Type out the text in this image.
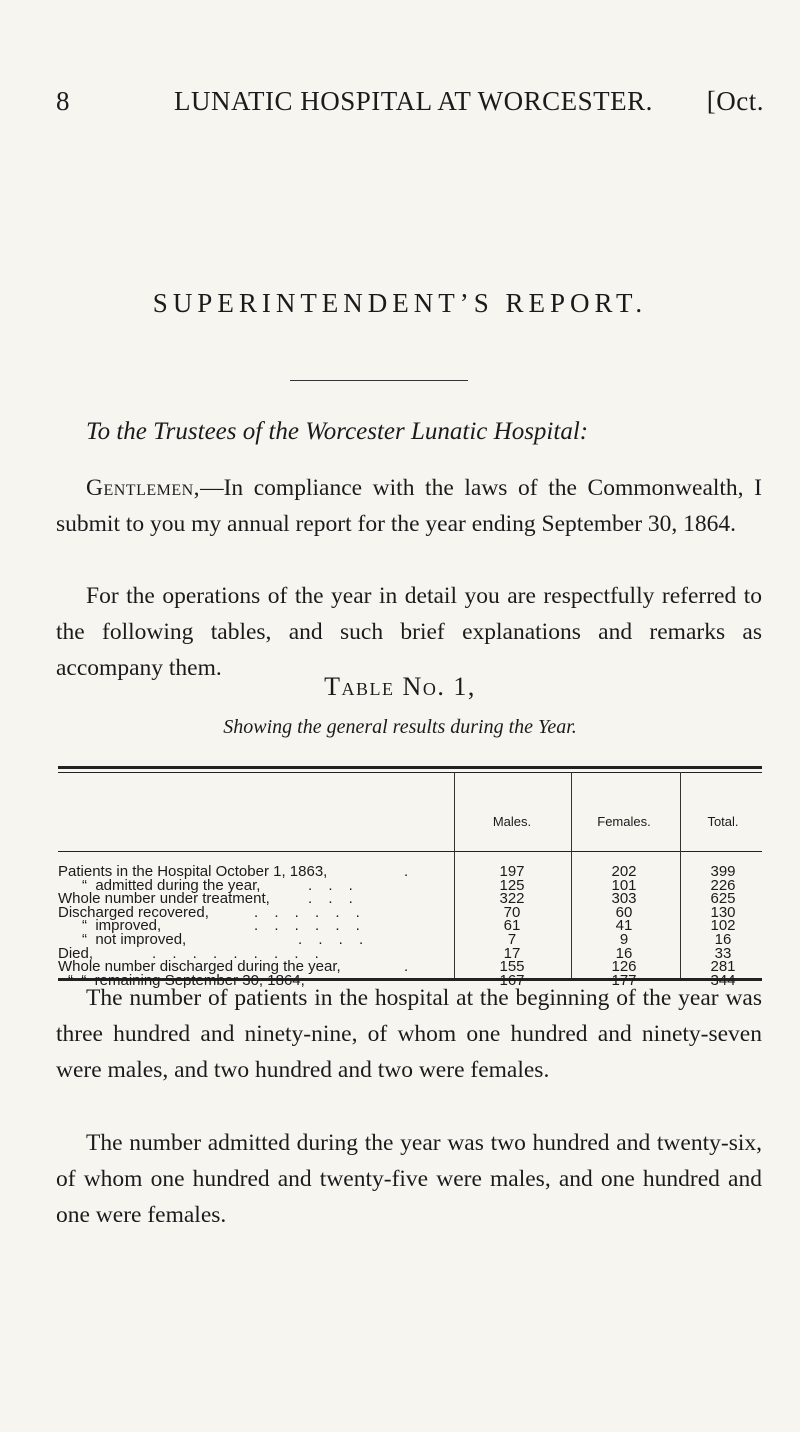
8	LUNATIC HOSPITAL AT WORCESTER. [Oct.
SUPERINTENDENT’S REPORT.
To the Trustees of the Worcester Lunatic Hospital:
Gentlemen,—In compliance with the laws of the Commonwealth, I submit to you my annual report for the year ending September 30, 1864.
For the operations of the year in detail you are respectfully referred to the following tables, and such brief explanations and remarks as accompany them.
Table No. 1,
Showing the general results during the Year.
Males.	Females.	Total.
Patients in the Hospital October 1, 1863,	.	197	202	399
“  admitted during the year,	. . .	125	101	226
Whole number under treatment,	. . .	322	303	625
Discharged recovered,	. . . . . .	70	60	130
“  improved,	. . . . . .	61	41	102
“  not improved,	. . . .	7	9	16
Died,	. . . . . . . . .	17	16	33
Whole number discharged during the year,	.	155	126	281
“  “  remaining September 30, 1864,	167	177	344
The number of patients in the hospital at the beginning of the year was three hundred and ninety-nine, of whom one hundred and ninety-seven were males, and two hundred and two were females.
The number admitted during the year was two hundred and twenty-six, of whom one hundred and twenty-five were males, and one hundred and one were females.
